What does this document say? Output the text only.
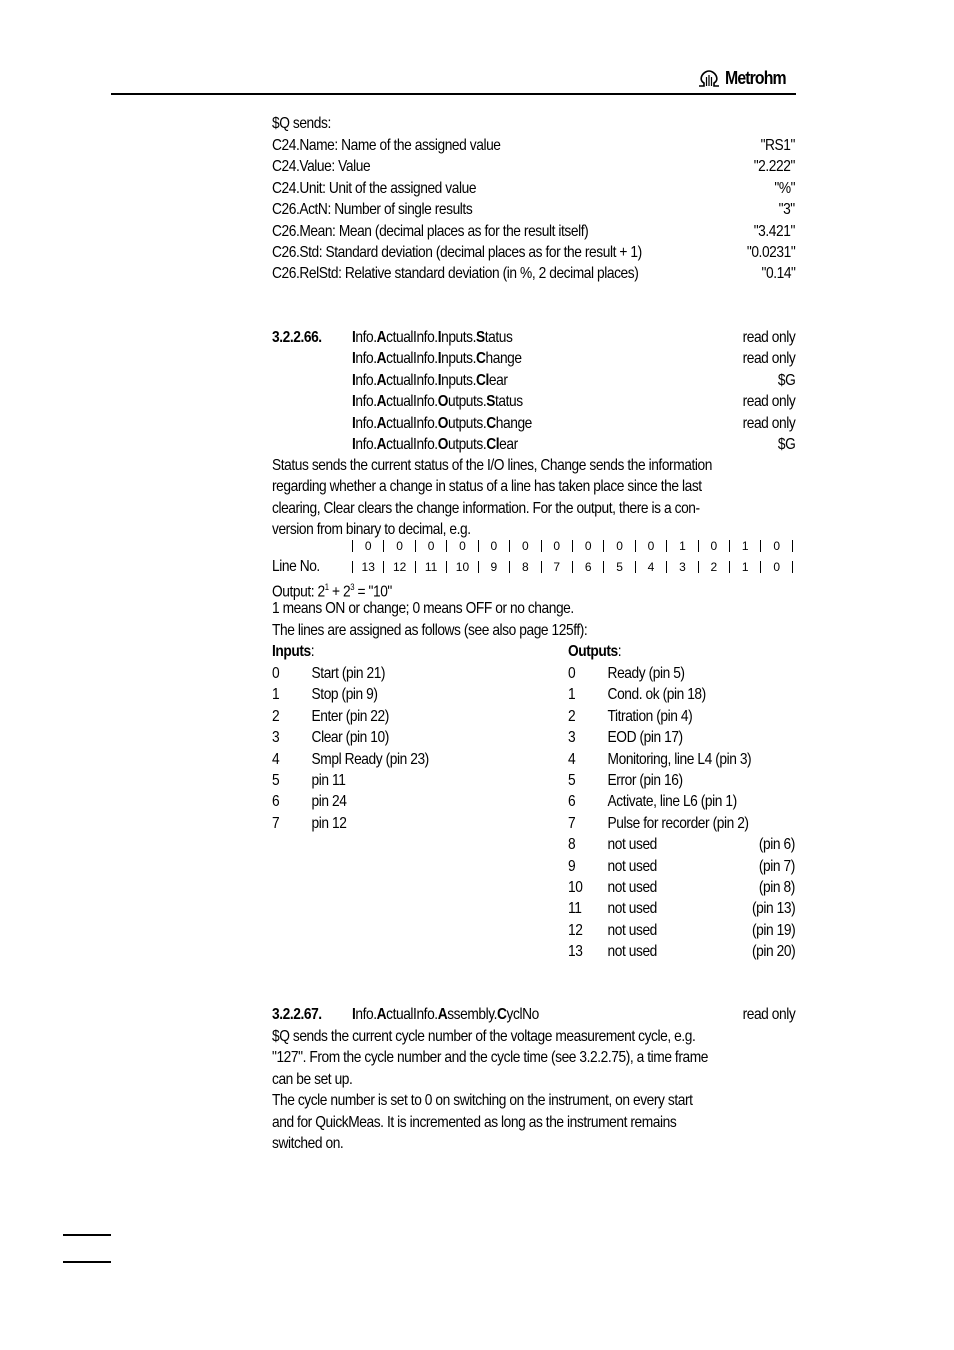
Metrohm
$Q sends:
C24.Name: Name of the assigned value	"RS1"
C24.Value: Value	"2.222"
C24.Unit: Unit of the assigned value	"%"
C26.ActN: Number of single results	"3"
C26.Mean: Mean (decimal places as for the result itself)	"3.421"
C26.Std: Standard deviation (decimal places as for the result + 1)	"0.0231"
C26.RelStd: Relative standard deviation (in %, 2 decimal places)	"0.14"
3.2.2.66. Info.ActualInfo.Inputs.Status	read only
Info.ActualInfo.Inputs.Change	read only
Info.ActualInfo.Inputs.Clear	$G
Info.ActualInfo.Outputs.Status	read only
Info.ActualInfo.Outputs.Change	read only
Info.ActualInfo.Outputs.Clear	$G
Status sends the current status of the I/O lines, Change sends the information
regarding whether a change in status of a line has taken place since the last
clearing, Clear clears the change information. For the output, there is a con-
version from binary to decimal, e.g.
0	0	0	0	0	0	0	0	0	0	1	0	1	0
Line No.	13	12	11	10	9	8	7	6	5	4	3	2	1	0
Output: $2^1 + 2^3$ = "10"
1 means ON or change; 0 means OFF or no change.
The lines are assigned as follows (see also page 125ff):
Inputs:	Outputs:
0 Start (pin 21)
1 Stop (pin 9)
2 Enter (pin 22)
3 Clear (pin 10)
4 Smpl Ready (pin 23)
5 pin 11
6 pin 24
7 pin 12
0 Ready (pin 5)
1 Cond. ok (pin 18)
2 Titration (pin 4)
3 EOD (pin 17)
4 Monitoring, line L4 (pin 3)
5 Error (pin 16)
6 Activate, line L6 (pin 1)
7 Pulse for recorder (pin 2)
8 not used	(pin 6)
9 not used	(pin 7)
10 not used	(pin 8)
11 not used	(pin 13)
12 not used	(pin 19)
13 not used	(pin 20)
3.2.2.67. Info.ActualInfo.Assembly.CyclNo	read only
$Q sends the current cycle number of the voltage measurement cycle, e.g.
"127". From the cycle number and the cycle time (see 3.2.2.75), a time frame
can be set up.
The cycle number is set to 0 on switching on the instrument, on every start
and for QuickMeas. It is incremented as long as the instrument remains
switched on.
